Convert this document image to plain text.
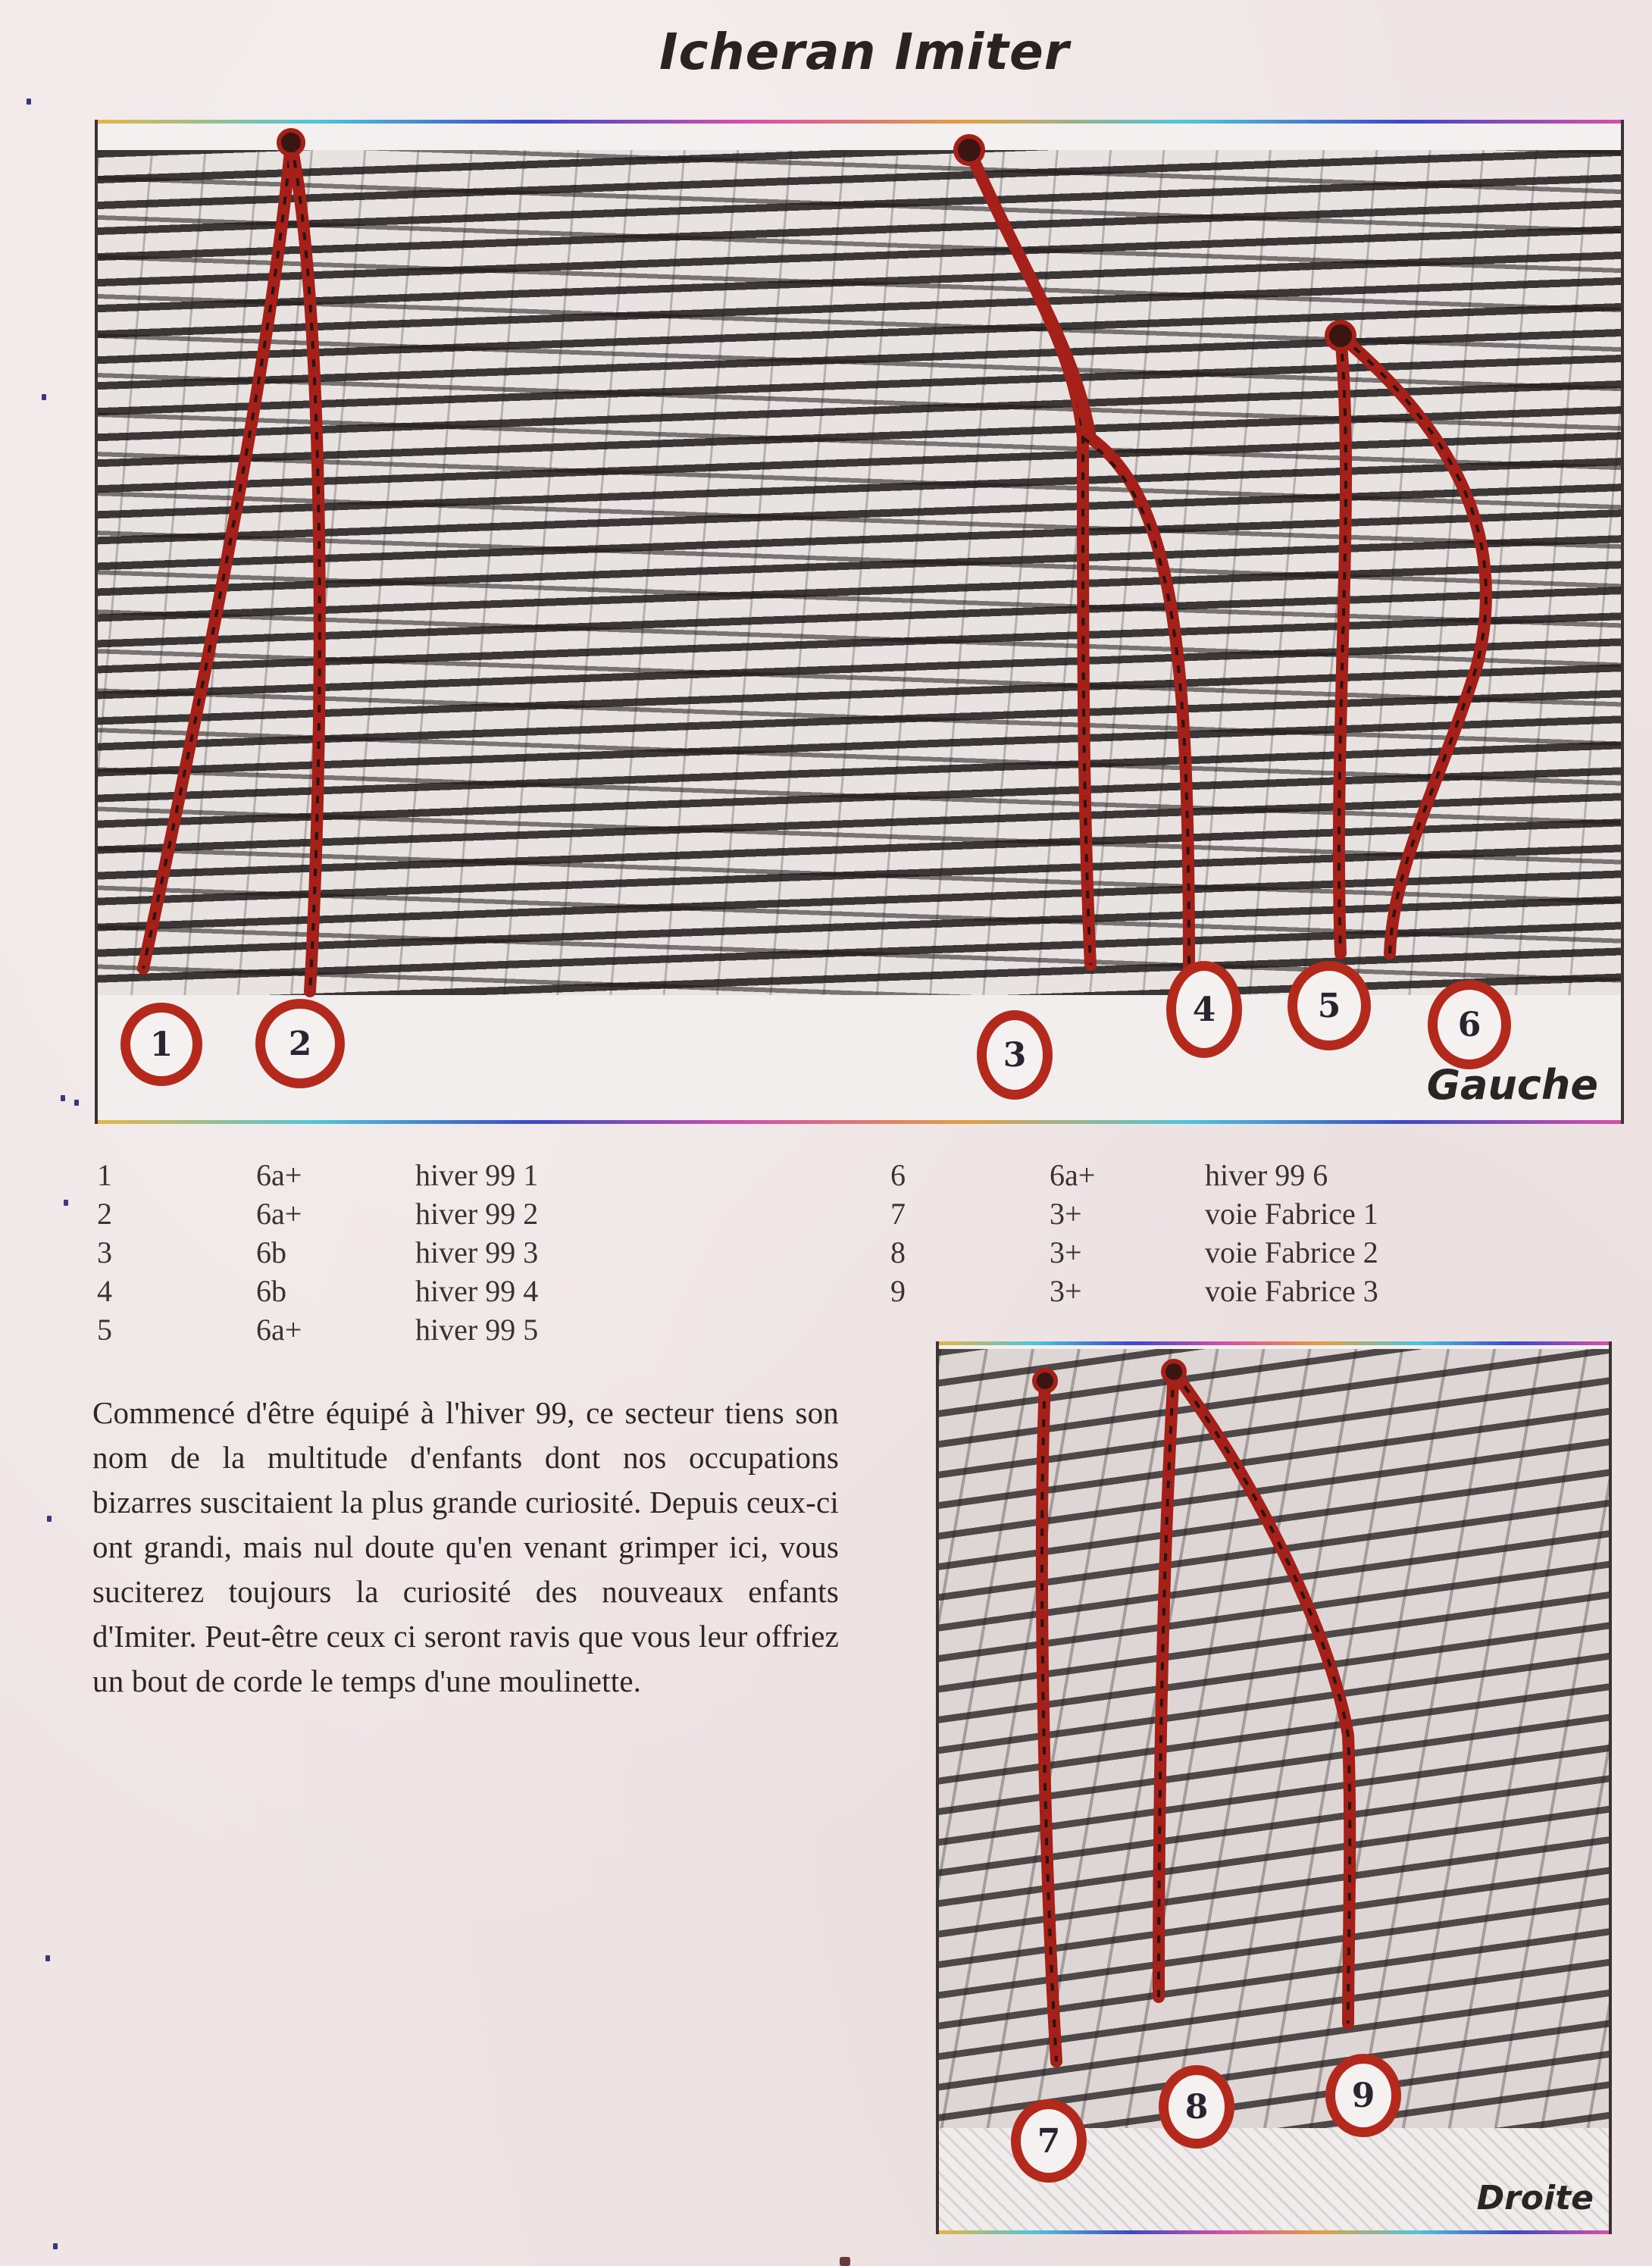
Icheran Imiter
1	2	3
4	5	6
Gauche
1	6a+	hiver 99 1
2	6a+	hiver 99 2
3	6b	hiver 99 3
4	6b	hiver 99 4
5	6a+	hiver 99 5
6	6a+	hiver 99 6
7	3+	voie Fabrice 1
8	3+	voie Fabrice 2
9	3+	voie Fabrice 3

Commencé d'être équipé à l'hiver 99, ce secteur tiens son nom de la multitude d'enfants dont nos occupations bizarres suscitaient la plus grande curiosité. Depuis ceux-ci ont grandi, mais nul doute qu'en venant grimper ici, vous suciterez toujours la curiosité des nouveaux enfants d'Imiter. Peut-être ceux ci seront ravis que vous leur offriez un bout de corde le temps d'une moulinette.

7
8	9
Droite
